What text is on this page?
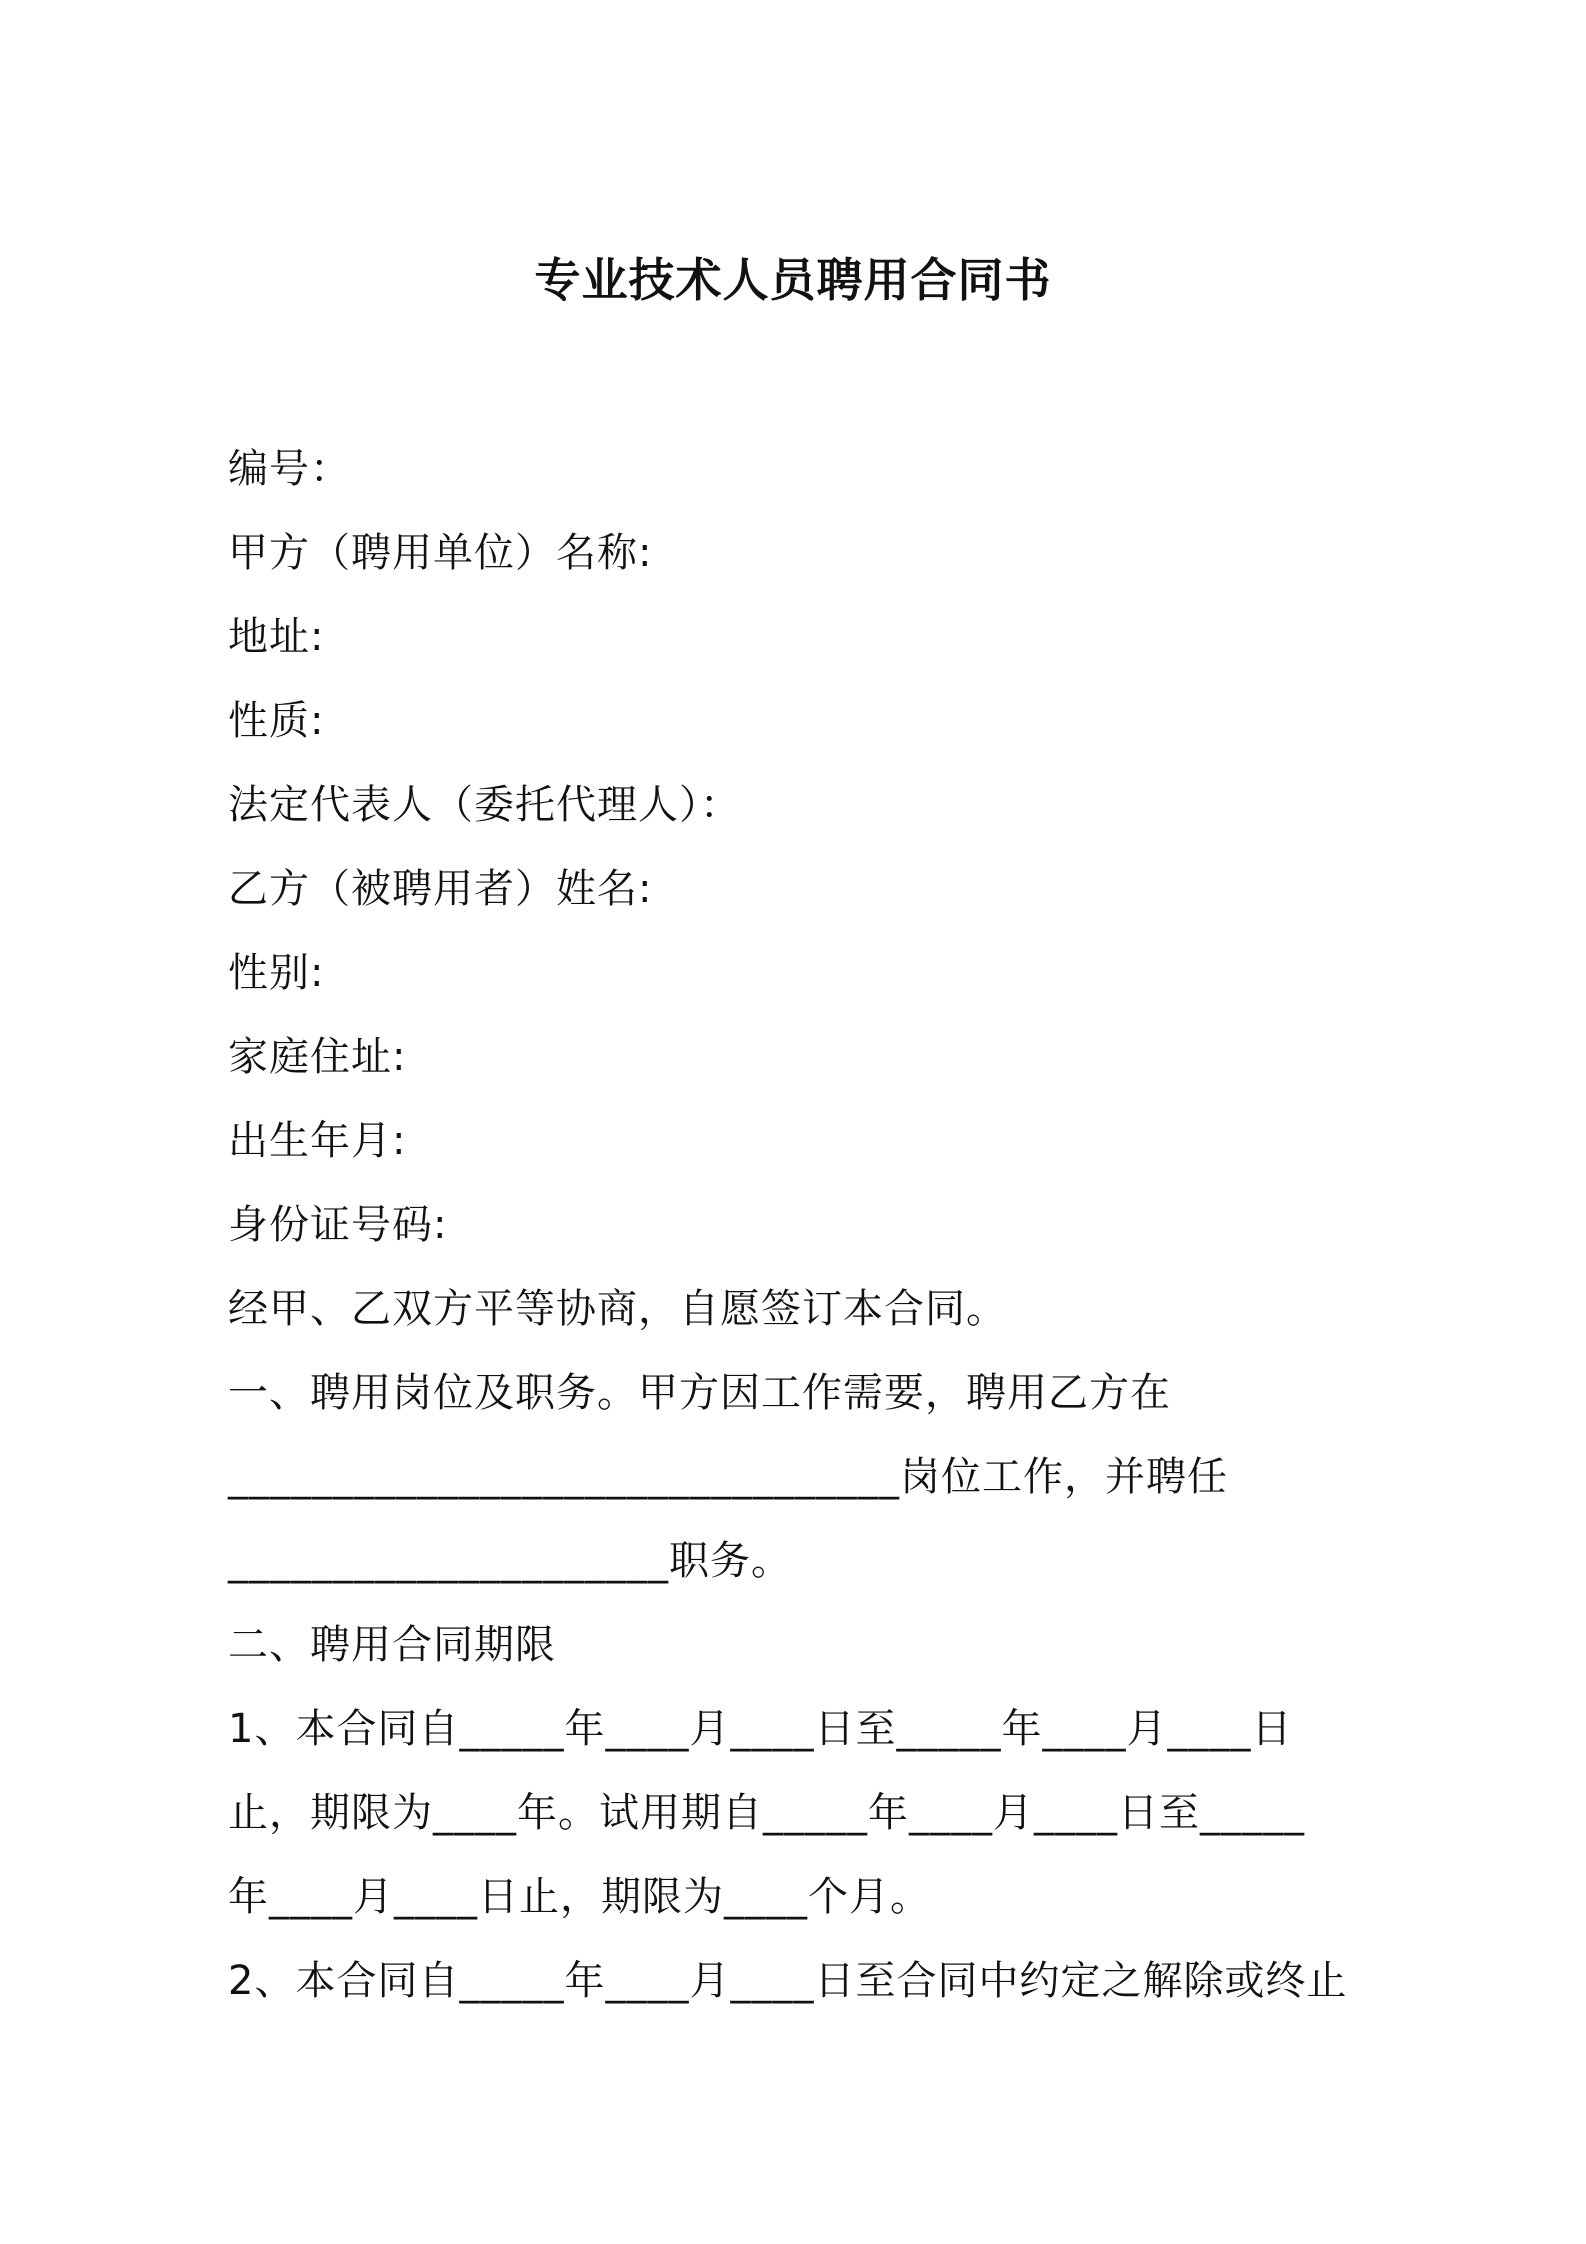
专业技术人员聘用合同书
编号：
甲方（聘用单位）名称:
地址:
性质:
法定代表人（委托代理人）：
乙方（被聘用者）姓名:
性别:
家庭住址:
出生年月:
身份证号码:
经甲、乙双方平等协商，自愿签订本合同。
一、聘用岗位及职务。甲方因工作需要，聘用乙方在
________________________________岗位工作，并聘任
_____________________职务。
二、聘用合同期限
1、本合同自_____年____月____日至_____年____月____日
止，期限为____年。试用期自_____年____月____日至_____
年____月____日止，期限为____个月。
2、本合同自_____年____月____日至合同中约定之解除或终止
